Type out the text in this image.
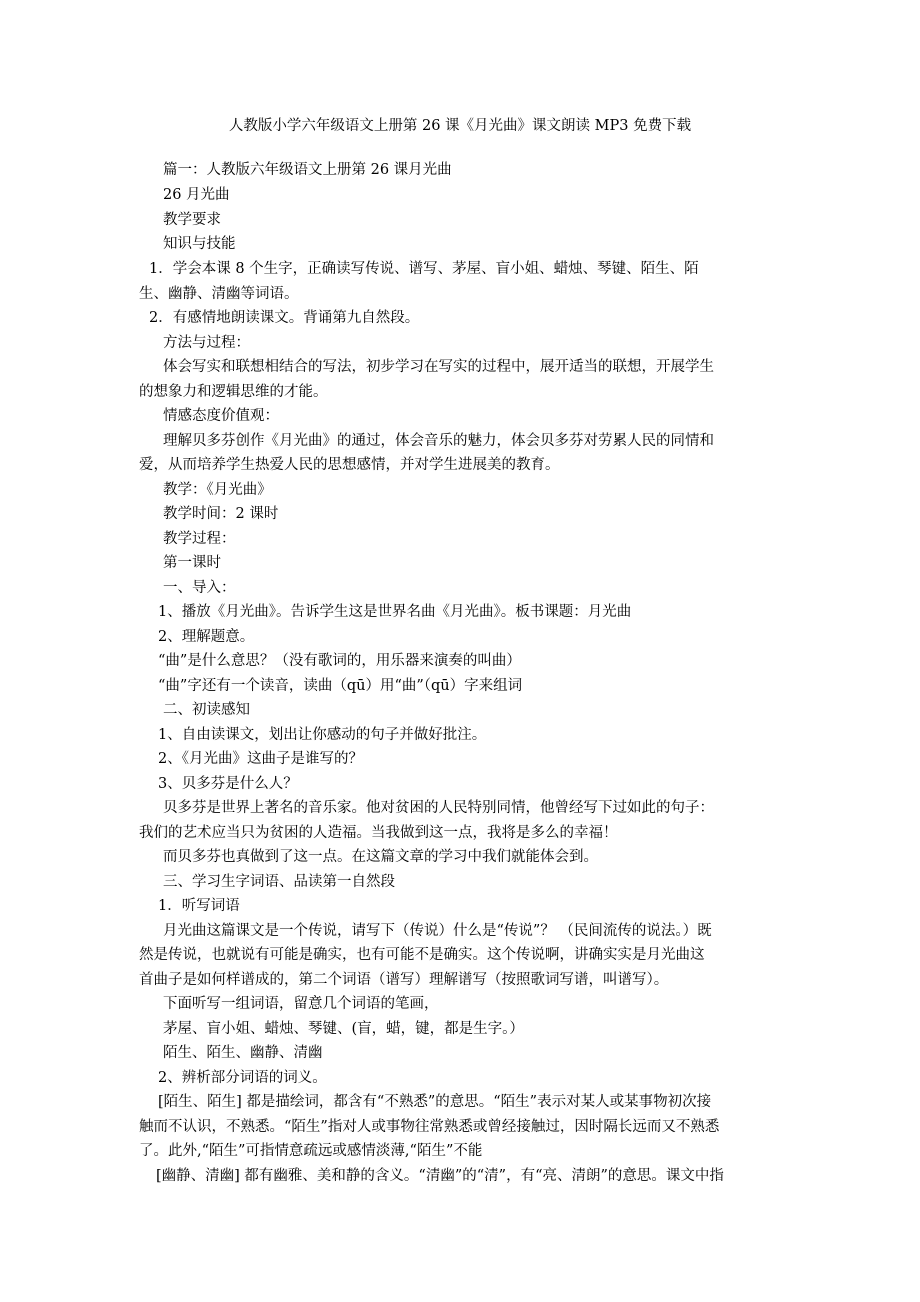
人教版小学六年级语文上册第 26 课《月光曲》课文朗读 MP3 免费下载
篇一：人教版六年级语文上册第 26 课月光曲
26 月光曲
教学要求
知识与技能
1．学会本课 8 个生字，正确读写传说、谱写、茅屋、盲小姐、蜡烛、琴键、陌生、陌
生、幽静、清幽等词语。
2．有感情地朗读课文。背诵第九自然段。
方法与过程：
体会写实和联想相结合的写法，初步学习在写实的过程中，展开适当的联想，开展学生
的想象力和逻辑思维的才能。
情感态度价值观：
理解贝多芬创作《月光曲》的通过，体会音乐的魅力，体会贝多芬对劳累人民的同情和
爱，从而培养学生热爱人民的思想感情，并对学生进展美的教育。
教学：《月光曲》
教学时间：2 课时
教学过程：
第一课时
一、导入：
1、播放《月光曲》。告诉学生这是世界名曲《月光曲》。板书课题：月光曲
2、理解题意。
“曲”是什么意思？（没有歌词的，用乐器来演奏的叫曲）
“曲”字还有一个读音，读曲（qū）用“曲”（qū）字来组词
二、初读感知
1、自由读课文，划出让你感动的句子并做好批注。
2、《月光曲》这曲子是谁写的？
3、贝多芬是什么人？
贝多芬是世界上著名的音乐家。他对贫困的人民特别同情，他曾经写下过如此的句子：
我们的艺术应当只为贫困的人造福。当我做到这一点，我将是多么的幸福！
而贝多芬也真做到了这一点。在这篇文章的学习中我们就能体会到。
三、学习生字词语、品读第一自然段
1．听写词语
月光曲这篇课文是一个传说，请写下（传说）什么是“传说”？ （民间流传的说法。）既
然是传说，也就说有可能是确实，也有可能不是确实。这个传说啊，讲确实实是月光曲这
首曲子是如何样谱成的，第二个词语（谱写）理解谱写（按照歌词写谱，叫谱写）。
下面听写一组词语，留意几个词语的笔画，
茅屋、盲小姐、蜡烛、琴键、(盲，蜡，键，都是生字。）
陌生、陌生、幽静、清幽
2、辨析部分词语的词义。
[陌生、陌生] 都是描绘词，都含有“不熟悉”的意思。“陌生”表示对某人或某事物初次接
触而不认识，不熟悉。“陌生”指对人或事物往常熟悉或曾经接触过，因时隔长远而又不熟悉
了。此外,“陌生”可指情意疏远或感情淡薄,“陌生”不能
[幽静、清幽] 都有幽雅、美和静的含义。“清幽”的“清”，有“亮、清朗”的意思。课文中指
